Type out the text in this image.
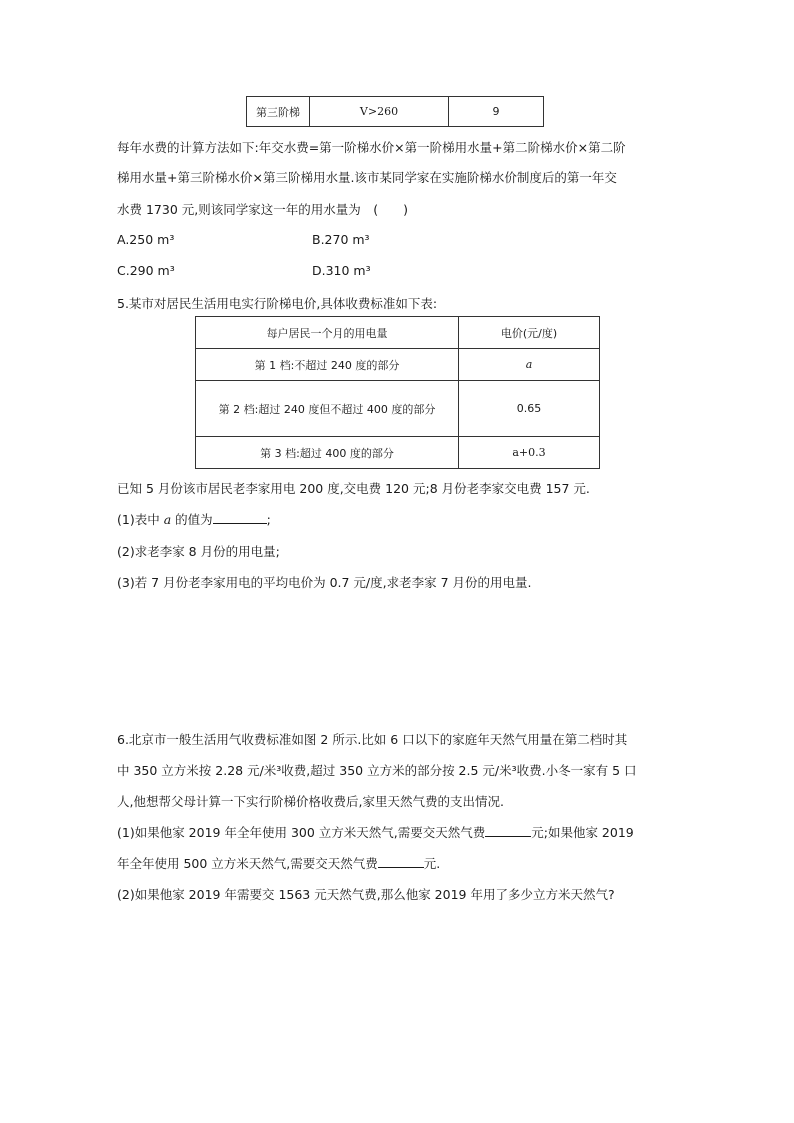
第三阶梯	V>260	9
每年水费的计算方法如下:年交水费=第一阶梯水价×第一阶梯用水量+第二阶梯水价×第二阶
梯用水量+第三阶梯水价×第三阶梯用水量.该市某同学家在实施阶梯水价制度后的第一年交
水费 1730 元,则该同学家这一年的用水量为　(　　)
A.250 m³	B.270 m³
C.290 m³	D.310 m³
5.某市对居民生活用电实行阶梯电价,具体收费标准如下表:
每户居民一个月的用电量	电价(元/度)
第 1 档:不超过 240 度的部分	a
第 2 档:超过 240 度但不超过 400 度的部分	0.65
第 3 档:超过 400 度的部分	a+0.3
已知 5 月份该市居民老李家用电 200 度,交电费 120 元;8 月份老李家交电费 157 元.
(1)表中 a 的值为	;
(2)求老李家 8 月份的用电量;
(3)若 7 月份老李家用电的平均电价为 0.7 元/度,求老李家 7 月份的用电量.
6.北京市一般生活用气收费标准如图 2 所示.比如 6 口以下的家庭年天然气用量在第二档时其
中 350 立方米按 2.28 元/米³收费,超过 350 立方米的部分按 2.5 元/米³收费.小冬一家有 5 口
人,他想帮父母计算一下实行阶梯价格收费后,家里天然气费的支出情况.
(1)如果他家 2019 年全年使用 300 立方米天然气,需要交天然气费	元;如果他家 2019
年全年使用 500 立方米天然气,需要交天然气费	元.
(2)如果他家 2019 年需要交 1563 元天然气费,那么他家 2019 年用了多少立方米天然气?
